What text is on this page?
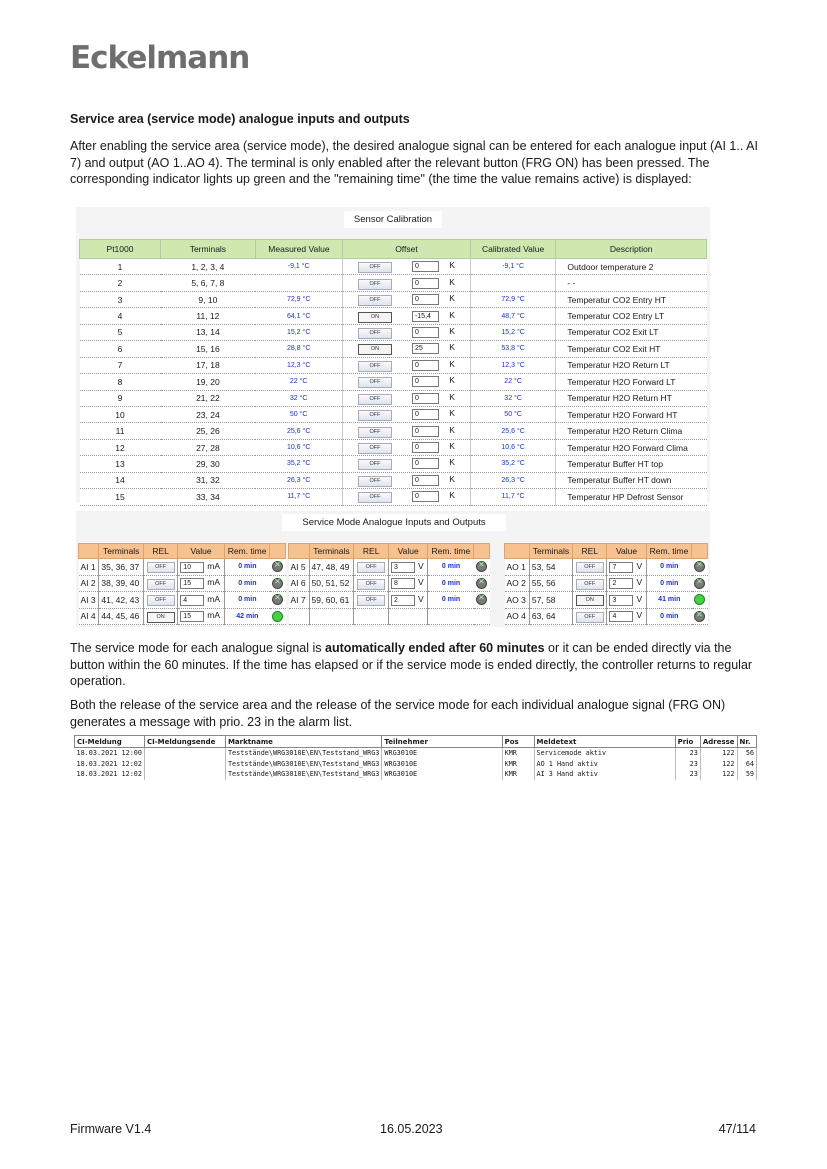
Eckelmann
Service area (service mode) analogue inputs and outputs
After enabling the service area (service mode), the desired analogue signal can be entered for each analogue input (AI 1.. AI 7) and output (AO 1..AO 4). The terminal is only enabled after the relevant button (FRG ON) has been pressed. The corresponding indicator lights up green and the "remaining time" (the time the value remains active) is displayed:
Sensor Calibration
Pt1000	Terminals	Measured Value	Offset	Calibrated Value	Description
1	1, 2, 3, 4	-9,1 °C	OFF 0 K	-9,1 °C	Outdoor temperature 2
2	5, 6, 7, 8		OFF 0 K		- -
3	9, 10	72,9 °C	OFF 0 K	72,9 °C	Temperatur CO2 Entry HT
4	11, 12	64,1 °C	ON -15,4 K	48,7 °C	Temperatur CO2 Entry LT
5	13, 14	15,2 °C	OFF 0 K	15,2 °C	Temperatur CO2 Exit LT
6	15, 16	28,8 °C	ON 25 K	53,8 °C	Temperatur CO2 Exit HT
7	17, 18	12,3 °C	OFF 0 K	12,3 °C	Temperatur H2O Return LT
8	19, 20	22 °C	OFF 0 K	22 °C	Temperatur H2O Forward LT
9	21, 22	32 °C	OFF 0 K	32 °C	Temperatur H2O Return HT
10	23, 24	50 °C	OFF 0 K	50 °C	Temperatur H2O Forward HT
11	25, 26	25,6 °C	OFF 0 K	25,6 °C	Temperatur H2O Return Clima
12	27, 28	10,6 °C	OFF 0 K	10,6 °C	Temperatur H2O Forward Clima
13	29, 30	35,2 °C	OFF 0 K	35,2 °C	Temperatur Buffer HT top
14	31, 32	26,3 °C	OFF 0 K	26,3 °C	Temperatur Buffer HT down
15	33, 34	11,7 °C	OFF 0 K	11,7 °C	Temperatur HP Defrost Sensor
Service Mode Analogue Inputs and Outputs
	Terminals	REL	Value	Rem. time	
AI 1	35, 36, 37	OFF	10 mA	0 min	✕
AI 2	38, 39, 40	OFF	15 mA	0 min	✕
AI 3	41, 42, 43	OFF	4 mA	0 min	✕
AI 4	44, 45, 46	ON	15 mA	42 min	
	Terminals	REL	Value	Rem. time	
AI 5	47, 48, 49	OFF	3 V	0 min	✕
AI 6	50, 51, 52	OFF	8 V	0 min	✕
AI 7	59, 60, 61	OFF	2 V	0 min	✕

	Terminals	REL	Value	Rem. time	
AO 1	53, 54	OFF	7 V	0 min	✕
AO 2	55, 56	OFF	2 V	0 min	✕
AO 3	57, 58	ON	3 V	41 min	
AO 4	63, 64	OFF	4 V	0 min	✕
The service mode for each analogue signal is automatically ended after 60 minutes or it can be ended directly via the button within the 60 minutes. If the time has elapsed or if the service mode is ended directly, the controller returns to regular operation.
Both the release of the service area and the release of the service mode for each individual analogue signal (FRG ON) generates a message with prio. 23 in the alarm list.
CI-Meldung	CI-Meldungsende	Marktname	Teilnehmer	Pos	Meldetext	Prio	Adresse	Nr.
18.03.2021 12:00		Teststände\WRG3010E\EN\Teststand_WRG3	WRG3010E	KMR	Servicemode aktiv	23	122	56
18.03.2021 12:02		Teststände\WRG3010E\EN\Teststand_WRG3	WRG3010E	KMR	AO 1 Hand aktiv	23	122	64
18.03.2021 12:02		Teststände\WRG3010E\EN\Teststand_WRG3	WRG3010E	KMR	AI 3 Hand aktiv	23	122	59
Firmware V1.4	16.05.2023	47/114
